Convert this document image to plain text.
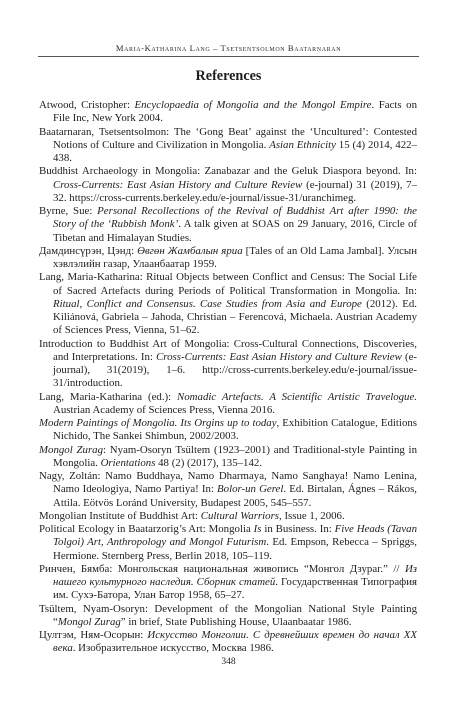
Maria-Katharina Lang – Tsetsentsolmon Baatarnaran
References

Atwood, Cristopher: Encyclopaedia of Mongolia and the Mongol Empire. Facts on File Inc, New York 2004.

Baatarnaran, Tsetsentsolmon: The ‘Gong Beat’ against the ‘Uncultured’: Contested Notions of Culture and Civilization in Mongolia. Asian Ethnicity 15 (4) 2014, 422–438.

Buddhist Archaeology in Mongolia: Zanabazar and the Geluk Diaspora beyond. In: Cross-Currents: East Asian History and Culture Review (e-journal) 31 (2019), 7–32. https://cross-currents.berkeley.edu/e-journal/issue-31/uranchimeg.

Byrne, Sue: Personal Recollections of the Revival of Buddhist Art after 1990: the Story of the ‘Rubbish Monk’. A talk given at SOAS on 29 January, 2016, Circle of Tibetan and Himalayan Studies.

Дамдинсүрэн, Цэнд: Өвгөн Жамбалын яриа [Tales of an Old Lama Jambal]. Улсын хэвлэлийн газар, Улаанбаатар 1959.

Lang, Maria-Katharina: Ritual Objects between Conflict and Census: The Social Life of Sacred Artefacts during Periods of Political Transformation in Mongolia. In: Ritual, Conflict and Consensus. Case Studies from Asia and Europe (2012). Ed. Kiliánová, Gabriela – Jahoda, Christian – Ferencová, Michaela. Austrian Academy of Sciences Press, Vienna, 51–62.

Introduction to Buddhist Art of Mongolia: Cross-Cultural Connections, Discoveries, and Interpretations. In: Cross-Currents: East Asian History and Culture Review (e-journal), 31(2019), 1–6. http://cross-currents.berkeley.edu/e-journal/issue-31/introduction.

Lang, Maria-Katharina (ed.): Nomadic Artefacts. A Scientific Artistic Travelogue. Austrian Academy of Sciences Press, Vienna 2016.

Modern Paintings of Mongolia. Its Orgins up to today, Exhibition Catalogue, Editions Nichido, The Sankei Shimbun, 2002/2003.

Mongol Zurag: Nyam-Osoryn Tsültem (1923–2001) and Traditional-style Painting in Mongolia. Orientations 48 (2) (2017), 135–142.

Nagy, Zoltán: Namo Buddhaya, Namo Dharmaya, Namo Sanghaya! Namo Lenina, Namo Ideologiya, Namo Partiya! In: Bolor-un Gerel. Ed. Birtalan, Ágnes – Rákos, Attila. Eötvös Loránd University, Budapest 2005, 545–557.

Mongolian Institute of Buddhist Art: Cultural Warriors, Issue 1, 2006.

Political Ecology in Baatarzorig’s Art: Mongolia Is in Business. In: Five Heads (Tavan Tolgoi) Art, Anthropology and Mongol Futurism. Ed. Empson, Rebecca – Spriggs, Hermione. Sternberg Press, Berlin 2018, 105–119.

Ринчен, Бямба: Монгольская национальная живопись “Монгол Дзураг.” // Из нашего культурного наследия. Сборник статей. Государственная Типография им. Сухэ-Батора, Улан Батор 1958, 65–27.

Tsültem, Nyam-Osoryn: Development of the Mongolian National Style Painting “Mongol Zurag” in brief, State Publishing House, Ulaanbaatar 1986.

Цултэм, Ням-Осорын: Искусство Монголии. С древнейших времен до начал XX века. Изобразительное искусство, Москва 1986.

348
